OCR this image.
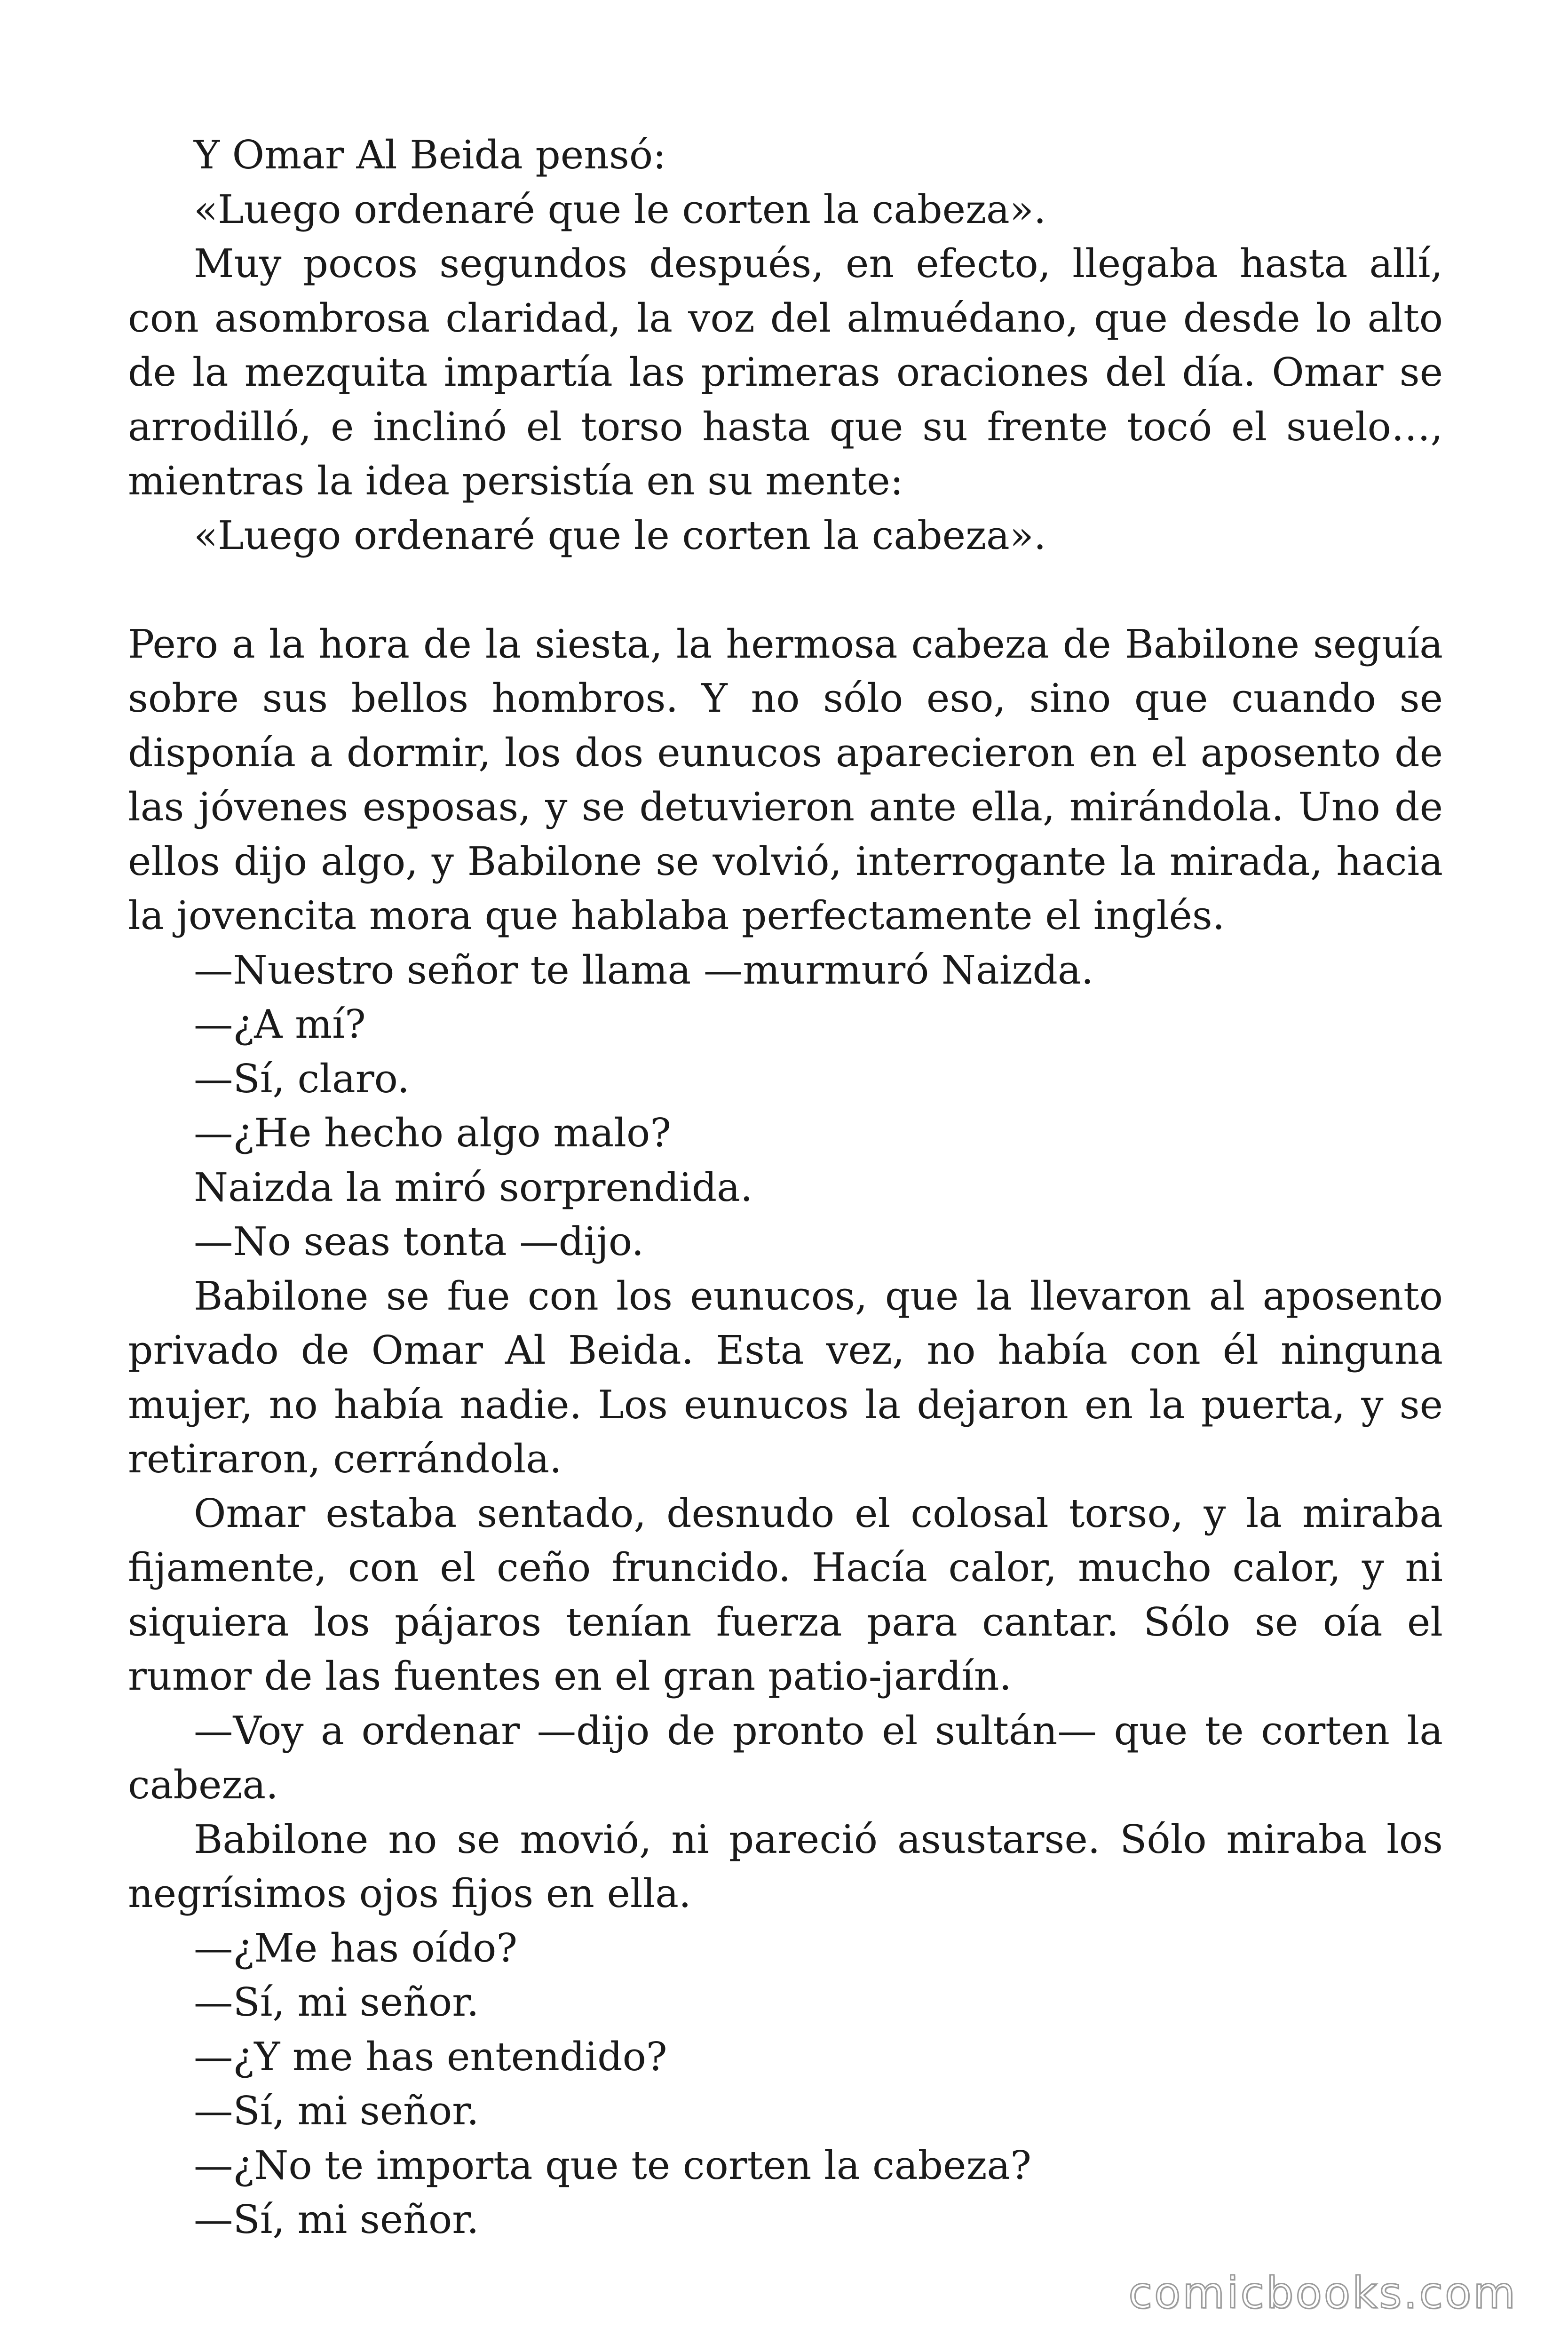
Y Omar Al Beida pensó:

«Luego ordenaré que le corten la cabeza».

Muy pocos segundos después, en efecto, llegaba hasta allí, con asombrosa claridad, la voz del almuédano, que desde lo alto de la mezquita impartía las primeras oraciones del día. Omar se arrodilló, e inclinó el torso hasta que su frente tocó el suelo…, mientras la idea persistía en su mente:

«Luego ordenaré que le corten la cabeza».

Pero a la hora de la siesta, la hermosa cabeza de Babilone seguía sobre sus bellos hombros. Y no sólo eso, sino que cuando se disponía a dormir, los dos eunucos aparecieron en el aposento de las jóvenes esposas, y se detuvieron ante ella, mirándola. Uno de ellos dijo algo, y Babilone se volvió, interrogante la mirada, hacia la jovencita mora que hablaba perfectamente el inglés.

—Nuestro señor te llama —murmuró Naizda.

—¿A mí?

—Sí, claro.

—¿He hecho algo malo?

Naizda la miró sorprendida.

—No seas tonta —dijo.

Babilone se fue con los eunucos, que la llevaron al aposento privado de Omar Al Beida. Esta vez, no había con él ninguna mujer, no había nadie. Los eunucos la dejaron en la puerta, y se retiraron, cerrándola.

Omar estaba sentado, desnudo el colosal torso, y la miraba fijamente, con el ceño fruncido. Hacía calor, mucho calor, y ni siquiera los pájaros tenían fuerza para cantar. Sólo se oía el rumor de las fuentes en el gran patio-jardín.

—Voy a ordenar —dijo de pronto el sultán— que te corten la cabeza.

Babilone no se movió, ni pareció asustarse. Sólo miraba los negrísimos ojos fijos en ella.

—¿Me has oído?

—Sí, mi señor.

—¿Y me has entendido?

—Sí, mi señor.

—¿No te importa que te corten la cabeza?

—Sí, mi señor.

comicbooks.com
